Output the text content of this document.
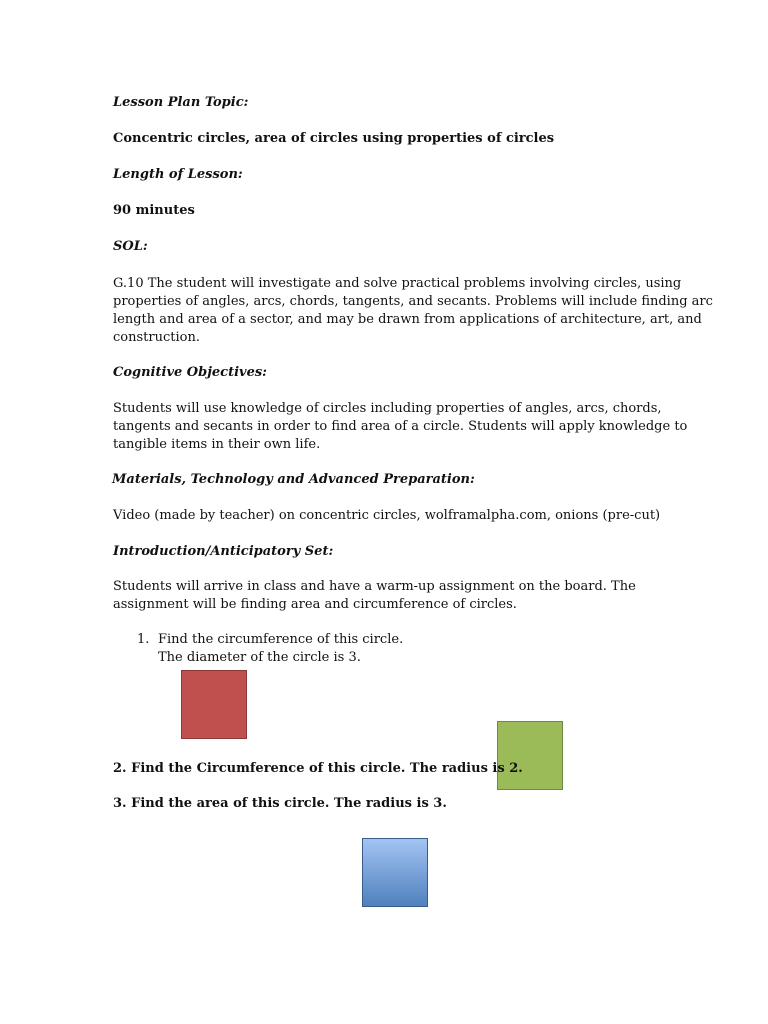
Lesson Plan Topic:

Concentric circles, area of circles using properties of circles

Length of Lesson:

90 minutes

SOL:

G.10 The student will investigate and solve practical problems involving circles, using

properties of angles, arcs, chords, tangents, and secants. Problems will include finding arc

length and area of a sector, and may be drawn from applications of architecture, art, and

construction.

Cognitive Objectives:

Students will use knowledge of circles including properties of angles, arcs, chords,

tangents and secants in order to find area of a circle. Students will apply knowledge to

tangible items in their own life.

Materials, Technology and Advanced Preparation:

Video (made by teacher) on concentric circles, wolframalpha.com, onions (pre-cut)

Introduction/Anticipatory Set:

Students will arrive in class and have a warm-up assignment on the board. The

assignment will be finding area and circumference of circles.

1. Find the circumference of this circle.
The diameter of the circle is 3.

2. Find the Circumference of this circle. The radius is 2.

3. Find the area of this circle. The radius is 3.
